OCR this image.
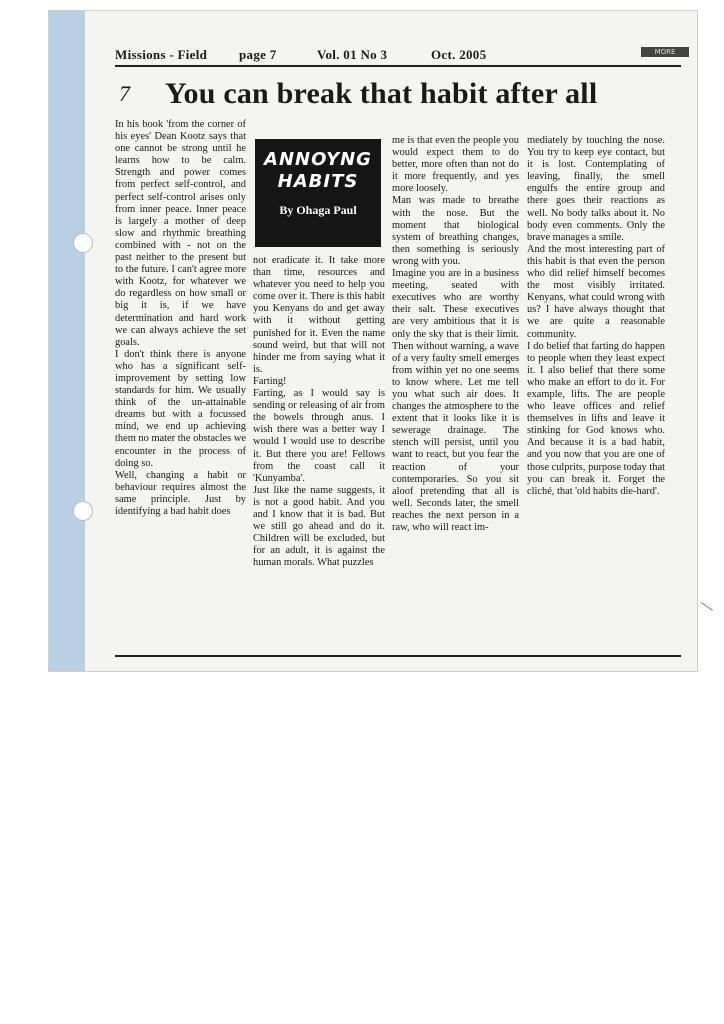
Missions - Field page 7	Vol. 01 No 3	Oct. 2005	MORE
7 You can break that habit after all

In his book 'from the corner of his eyes' Dean Kootz says that one cannot be strong until he learns how to be calm. Strength and power comes from perfect self-control, and perfect self-control arises only from inner peace. Inner peace is largely a mother of deep slow and rhythmic breathing combined with - not on the past neither to the present but to the future. I can't agree more with Kootz, for whatever we do regardless on how small or big it is, if we have determination and hard work we can always achieve the set goals.

I don't think there is anyone who has a significant self-improvement by setting low standards for him. We usually think of the un-attainable dreams but with a focussed mind, we end up achieving them no mater the obstacles we encounter in the process of doing so.

Well, changing a habit or behaviour requires almost the same principle. Just by identifying a bad habit does

ANNOYNG
HABITS
By Ohaga Paul

not eradicate it. It take more than time, resources and whatever you need to help you come over it. There is this habit you Kenyans do and get away with it without getting punished for it. Even the name sound weird, but that will not hinder me from saying what it is.

Farting!

Farting, as I would say is sending or releasing of air from the bowels through anus. I wish there was a better way I would I would use to describe it. But there you are! Fellows from the coast call it 'Kunyamba'.

Just like the name suggests, it is not a good habit. And you and I know that it is bad. But we still go ahead and do it. Children will be excluded, but for an adult, it is against the human morals. What puzzles

me is that even the people you would expect them to do better, more often than not do it more frequently, and yes more loosely.

Man was made to breathe with the nose. But the moment that biological system of breathing changes, then something is seriously wrong with you.

Imagine you are in a business meeting, seated with executives who are worthy their salt. These executives are very ambitious that it is only the sky that is their limit. Then without warning, a wave of a very faulty smell emerges from within yet no one seems to know where. Let me tell you what such air does. It changes the atmosphere to the extent that it looks like it is sewerage drainage. The stench will persist, until you want to react, but you fear the reaction of your contemporaries. So you sit aloof pretending that all is well. Seconds later, the smell reaches the next person in a raw, who will react im-

mediately by touching the nose. You try to keep eye contact, but it is lost. Contemplating of leaving, finally, the smell engulfs the entire group and there goes their reactions as well. No body talks about it. No body even comments. Only the brave manages a smile.

And the most interesting part of this habit is that even the person who did relief himself becomes the most visibly irritated. Kenyans, what could wrong with us? I have always thought that we are quite a reasonable community.

I do belief that farting do happen to people when they least expect it. I also belief that there some who make an effort to do it. For example, lifts. The are people who leave offices and relief themselves in lifts and leave it stinking for God knows who. And because it is a bad habit, and you now that you are one of those culprits, purpose today that you can break it. Forget the cliché, that 'old habits die-hard'.
